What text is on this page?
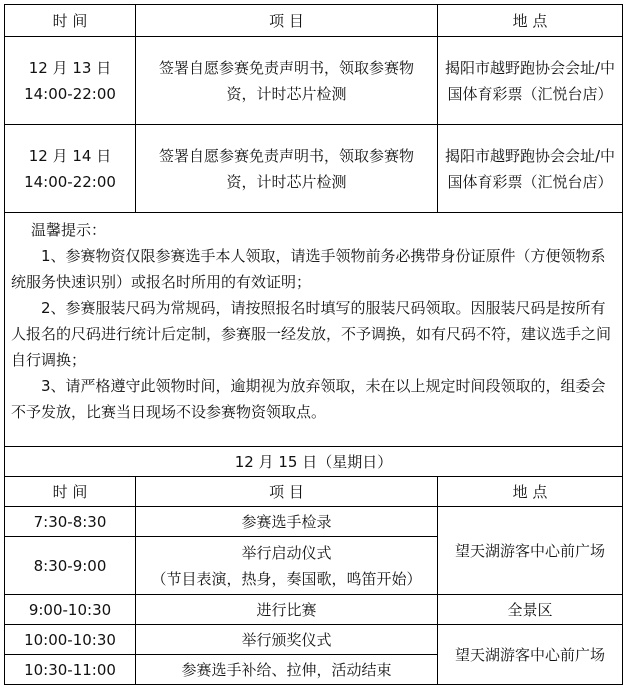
时 间	项 目	地 点

12 月 13 日
14:00-22:00	签署自愿参赛免责声明书，领取参赛物资，计时芯片检测	揭阳市越野跑协会会址/中国体育彩票（汇悦台店）

12 月 14 日
14:00-22:00	签署自愿参赛免责声明书，领取参赛物资，计时芯片检测	揭阳市越野跑协会会址/中国体育彩票（汇悦台店）

温馨提示：

1、参赛物资仅限参赛选手本人领取，请选手领物前务必携带身份证原件（方便领物系统服务快速识别）或报名时所用的有效证明；

2、参赛服装尺码为常规码，请按照报名时填写的服装尺码领取。因服装尺码是按所有人报名的尺码进行统计后定制，参赛服一经发放，不予调换，如有尺码不符，建议选手之间自行调换；

3、请严格遵守此领物时间，逾期视为放弃领取，未在以上规定时间段领取的，组委会不予发放，比赛当日现场不设参赛物资领取点。		

12 月 15 日（星期日）		
时 间	项 目	地 点
7:30-8:30	参赛选手检录	望天湖游客中心前广场
8:30-9:00	举行启动仪式
（节目表演，热身，奏国歌，鸣笛开始）	

9:00-10:30	进行比赛	全景区
10:00-10:30	举行颁奖仪式	望天湖游客中心前广场
10:30-11:00	参赛选手补给、拉伸，活动结束	
